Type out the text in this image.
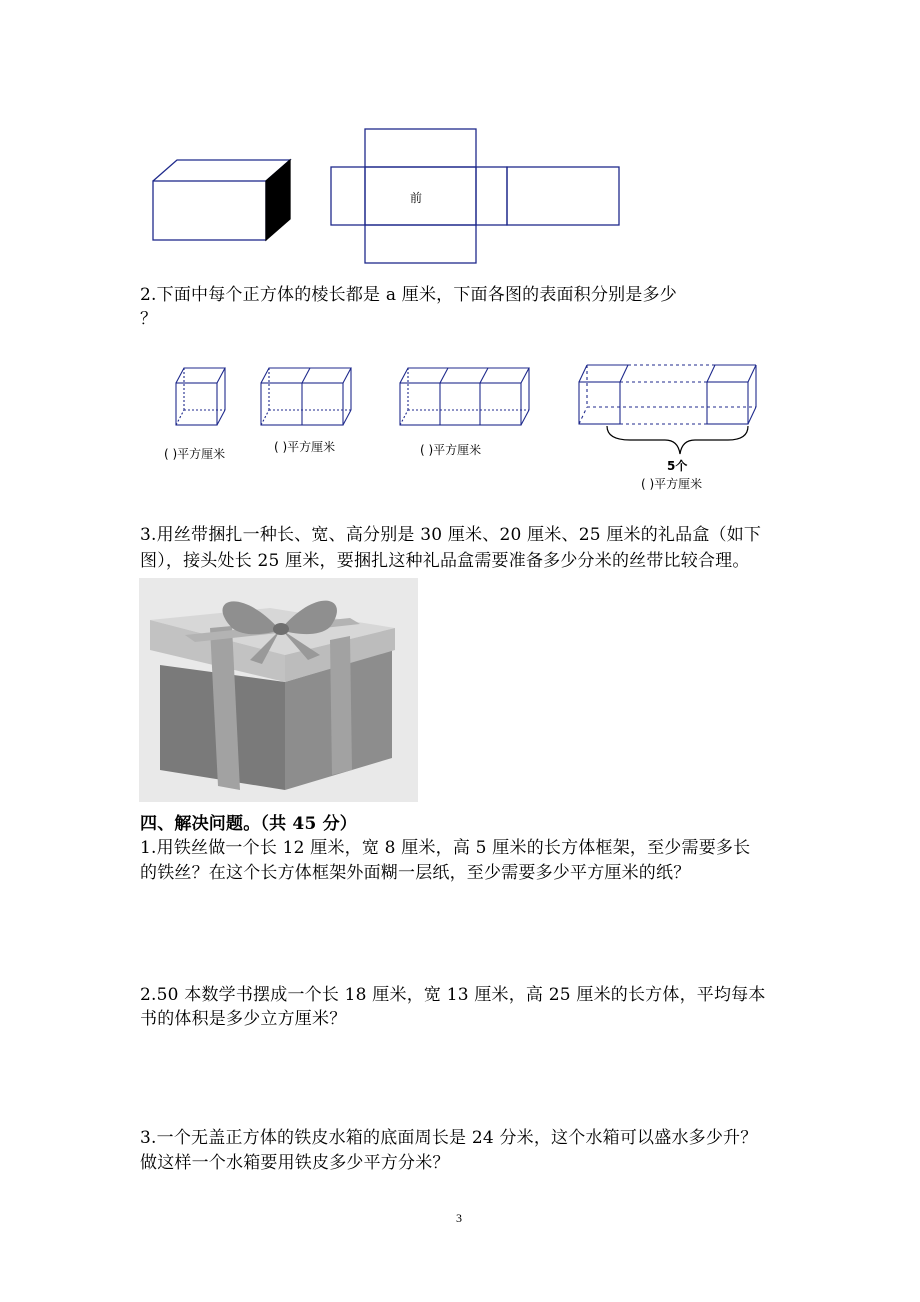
前
2.下面中每个正方体的棱长都是 a 厘米，下面各图的表面积分别是多少
？
( )平方厘米	( )平方厘米	( )平方厘米
5个
( )平方厘米
3.用丝带捆扎一种长、宽、高分别是 30 厘米、20 厘米、25 厘米的礼品盒（如下
图），接头处长 25 厘米，要捆扎这种礼品盒需要准备多少分米的丝带比较合理。
四、解决问题。（共 45 分）
1.用铁丝做一个长 12 厘米，宽 8 厘米，高 5 厘米的长方体框架，至少需要多长
的铁丝？在这个长方体框架外面糊一层纸，至少需要多少平方厘米的纸？
2.50 本数学书摆成一个长 18 厘米，宽 13 厘米，高 25 厘米的长方体，平均每本
书的体积是多少立方厘米？
3.一个无盖正方体的铁皮水箱的底面周长是 24 分米，这个水箱可以盛水多少升？
做这样一个水箱要用铁皮多少平方分米？
3
